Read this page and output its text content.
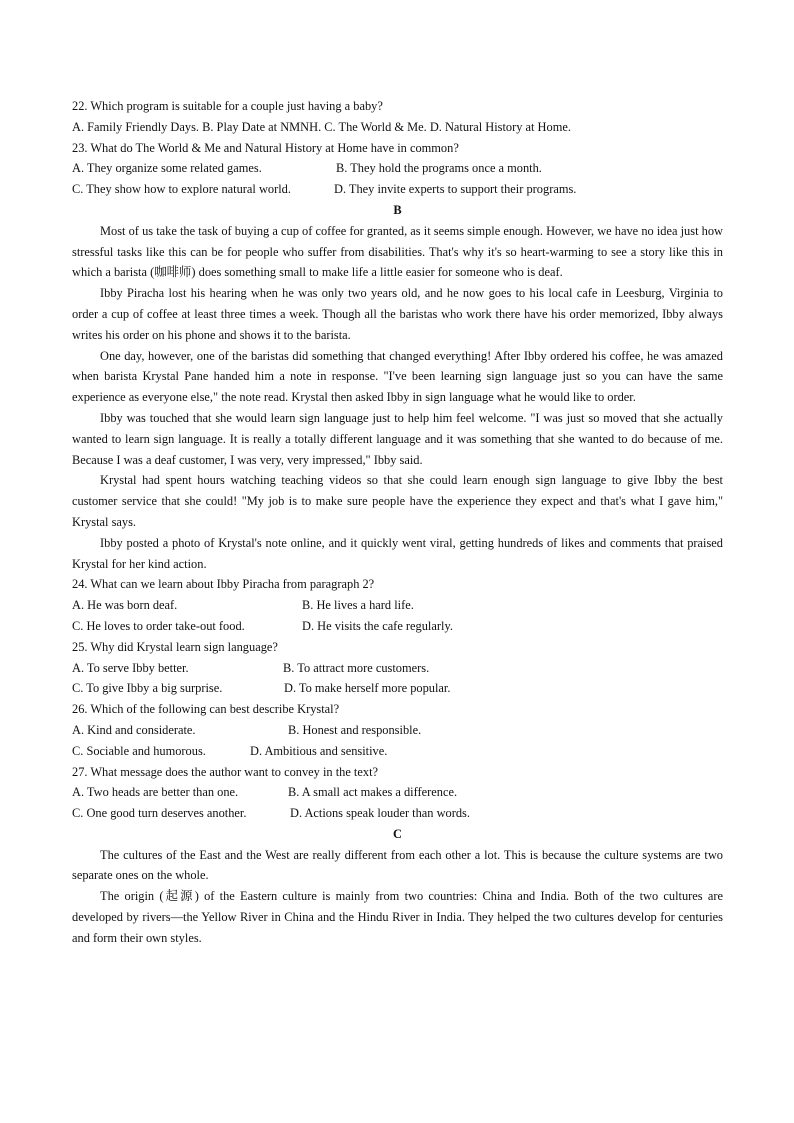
22. Which program is suitable for a couple just having a baby?
A. Family Friendly Days. B. Play Date at NMNH. C. The World & Me. D. Natural History at Home.
23. What do The World & Me and Natural History at Home have in common?
A. They organize some related games.	B. They hold the programs once a month.
C. They show how to explore natural world.	D. They invite experts to support their programs.
B

Most of us take the task of buying a cup of coffee for granted, as it seems simple enough. However, we have no idea just how stressful tasks like this can be for people who suffer from disabilities. That's why it's so heart-warming to see a story like this in which a barista (咖啡师) does something small to make life a little easier for someone who is deaf.

Ibby Piracha lost his hearing when he was only two years old, and he now goes to his local cafe in Leesburg, Virginia to order a cup of coffee at least three times a week. Though all the baristas who work there have his order memorized, Ibby always writes his order on his phone and shows it to the barista.

One day, however, one of the baristas did something that changed everything! After Ibby ordered his coffee, he was amazed when barista Krystal Pane handed him a note in response. "I've been learning sign language just so you can have the same experience as everyone else," the note read. Krystal then asked Ibby in sign language what he would like to order.

Ibby was touched that she would learn sign language just to help him feel welcome. "I was just so moved that she actually wanted to learn sign language. It is really a totally different language and it was something that she wanted to do because of me. Because I was a deaf customer, I was very, very impressed," Ibby said.

Krystal had spent hours watching teaching videos so that she could learn enough sign language to give Ibby the best customer service that she could! "My job is to make sure people have the experience they expect and that's what I gave him," Krystal says.

Ibby posted a photo of Krystal's note online, and it quickly went viral, getting hundreds of likes and comments that praised Krystal for her kind action.

24. What can we learn about Ibby Piracha from paragraph 2?
A. He was born deaf.	B. He lives a hard life.
C. He loves to order take-out food.	D. He visits the cafe regularly.
25. Why did Krystal learn sign language?
A. To serve Ibby better.	B. To attract more customers.
C. To give Ibby a big surprise.	D. To make herself more popular.
26. Which of the following can best describe Krystal?
A. Kind and considerate.	B. Honest and responsible.
C. Sociable and humorous.	D. Ambitious and sensitive.
27. What message does the author want to convey in the text?
A. Two heads are better than one.	B. A small act makes a difference.
C. One good turn deserves another.	D. Actions speak louder than words.
C

The cultures of the East and the West are really different from each other a lot. This is because the culture systems are two separate ones on the whole.

The origin (起源) of the Eastern culture is mainly from two countries: China and India. Both of the two cultures are developed by rivers—the Yellow River in China and the Hindu River in India. They helped the two cultures develop for centuries and form their own styles.
